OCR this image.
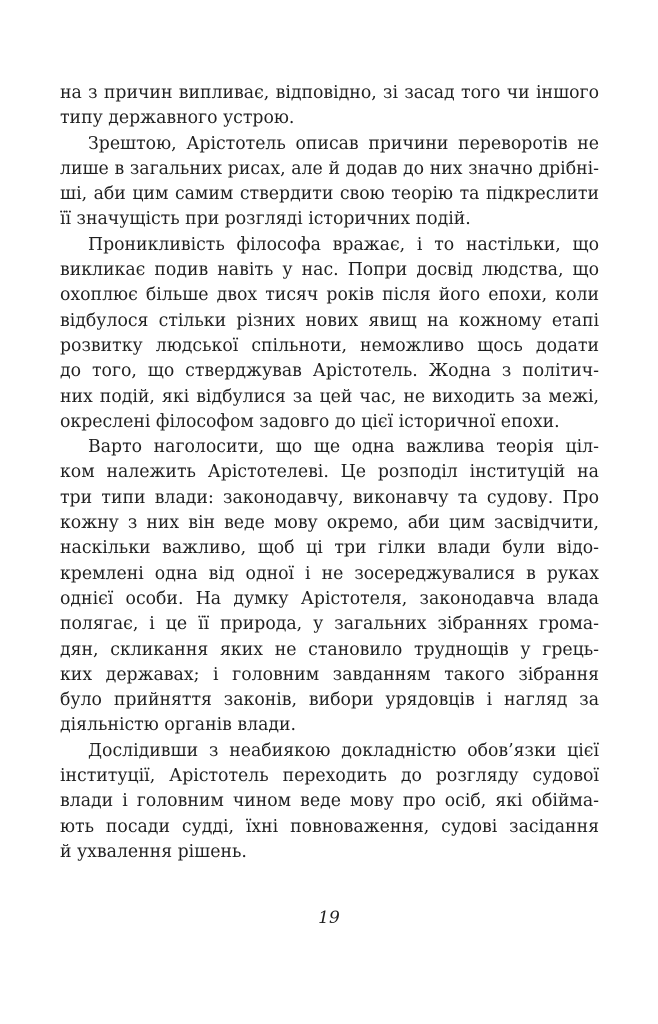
на з причин випливає, відповідно, зі засад того чи іншого
типу державного устрою.
Зрештою, Арістотель описав причини переворотів не
лише в загальних рисах, але й додав до них значно дрібні-
ші, аби цим самим ствердити свою теорію та підкреслити
її значущість при розгляді історичних подій.
Проникливість філософа вражає, і то настільки, що
викликає подив навіть у нас. Попри досвід людства, що
охоплює більше двох тисяч років після його епохи, коли
відбулося стільки різних нових явищ на кожному етапі
розвитку людської спільноти, неможливо щось додати
до того, що стверджував Арістотель. Жодна з політич-
них подій, які відбулися за цей час, не виходить за межі,
окреслені філософом задовго до цієї історичної епохи.
Варто наголосити, що ще одна важлива теорія ціл-
ком належить Арістотелеві. Це розподіл інституцій на
три типи влади: законодавчу, виконавчу та судову. Про
кожну з них він веде мову окремо, аби цим засвідчити,
наскільки важливо, щоб ці три гілки влади були відо-
кремлені одна від одної і не зосереджувалися в руках
однієї особи. На думку Арістотеля, законодавча влада
полягає, і це її природа, у загальних зібраннях грома-
дян, скликання яких не становило труднощів у грець-
ких державах; і головним завданням такого зібрання
було прийняття законів, вибори урядовців і нагляд за
діяльністю органів влади.
Дослідивши з неабиякою докладністю обов’язки цієї
інституції, Арістотель переходить до розгляду судової
влади і головним чином веде мову про осіб, які обійма-
ють посади судді, їхні повноваження, судові засідання
й ухвалення рішень.
19
